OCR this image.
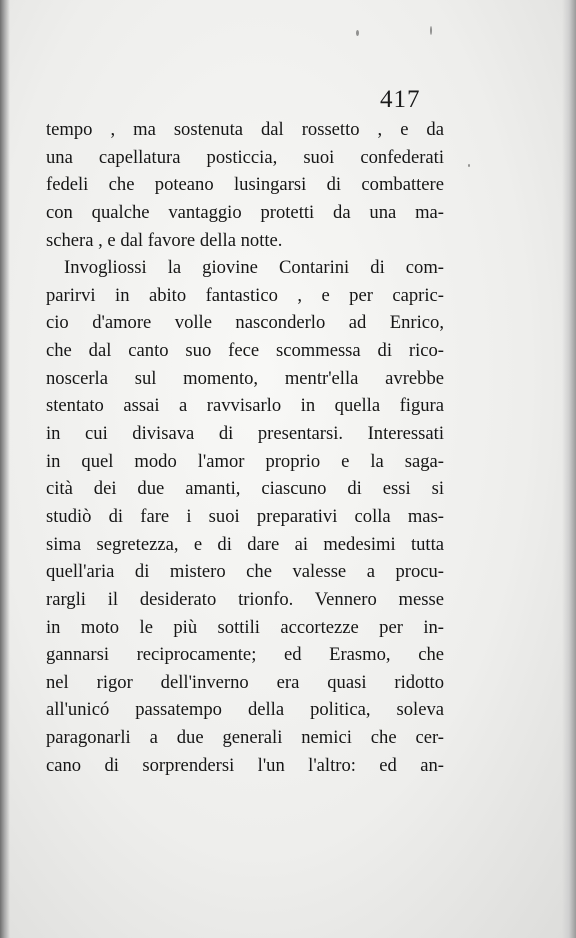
417
tempo , ma sostenuta dal rossetto , e da
una capellatura posticcia, suoi confederati
fedeli che poteano lusingarsi di combattere
con qualche vantaggio protetti da una ma-
schera , e dal favore della notte.
Invogliossi la giovine Contarini di com-
parirvi in abito fantastico , e per capric-
cio d'amore volle nasconderlo ad Enrico,
che dal canto suo fece scommessa di rico-
noscerla sul momento, mentr'ella avrebbe
stentato assai a ravvisarlo in quella figura
in cui divisava di presentarsi. Interessati
in quel modo l'amor proprio e la saga-
cità dei due amanti, ciascuno di essi si
studiò di fare i suoi preparativi colla mas-
sima segretezza, e di dare ai medesimi tutta
quell'aria di mistero che valesse a procu-
rargli il desiderato trionfo. Vennero messe
in moto le più sottili accortezze per in-
gannarsi reciprocamente; ed Erasmo, che
nel rigor dell'inverno era quasi ridotto
all'unicó passatempo della politica, soleva
paragonarli a due generali nemici che cer-
cano di sorprendersi l'un l'altro: ed an-
